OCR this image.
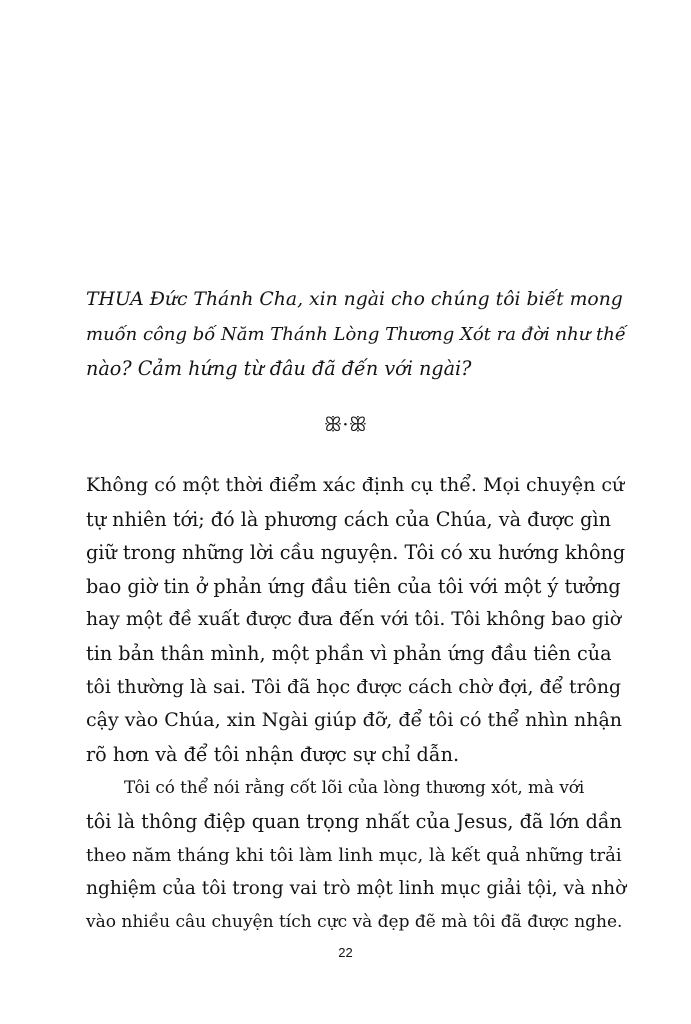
THUA Đức Thánh Cha, xin ngài cho chúng tôi biết mong
muốn công bố Năm Thánh Lòng Thương Xót ra đời như thế
nào? Cảm hứng từ đâu đã đến với ngài?
ꕥ·ꕥ
Không có một thời điểm xác định cụ thể. Mọi chuyện cứ
tự nhiên tới; đó là phương cách của Chúa, và được gìn
giữ trong những lời cầu nguyện. Tôi có xu hướng không
bao giờ tin ở phản ứng đầu tiên của tôi với một ý tưởng
hay một đề xuất được đưa đến với tôi. Tôi không bao giờ
tin bản thân mình, một phần vì phản ứng đầu tiên của
tôi thường là sai. Tôi đã học được cách chờ đợi, để trông
cậy vào Chúa, xin Ngài giúp đỡ, để tôi có thể nhìn nhận
rõ hơn và để tôi nhận được sự chỉ dẫn.
Tôi có thể nói rằng cốt lõi của lòng thương xót, mà với
tôi là thông điệp quan trọng nhất của Jesus, đã lớn dần
theo năm tháng khi tôi làm linh mục, là kết quả những trải
nghiệm của tôi trong vai trò một linh mục giải tội, và nhờ
vào nhiều câu chuyện tích cực và đẹp đẽ mà tôi đã được nghe.
22
